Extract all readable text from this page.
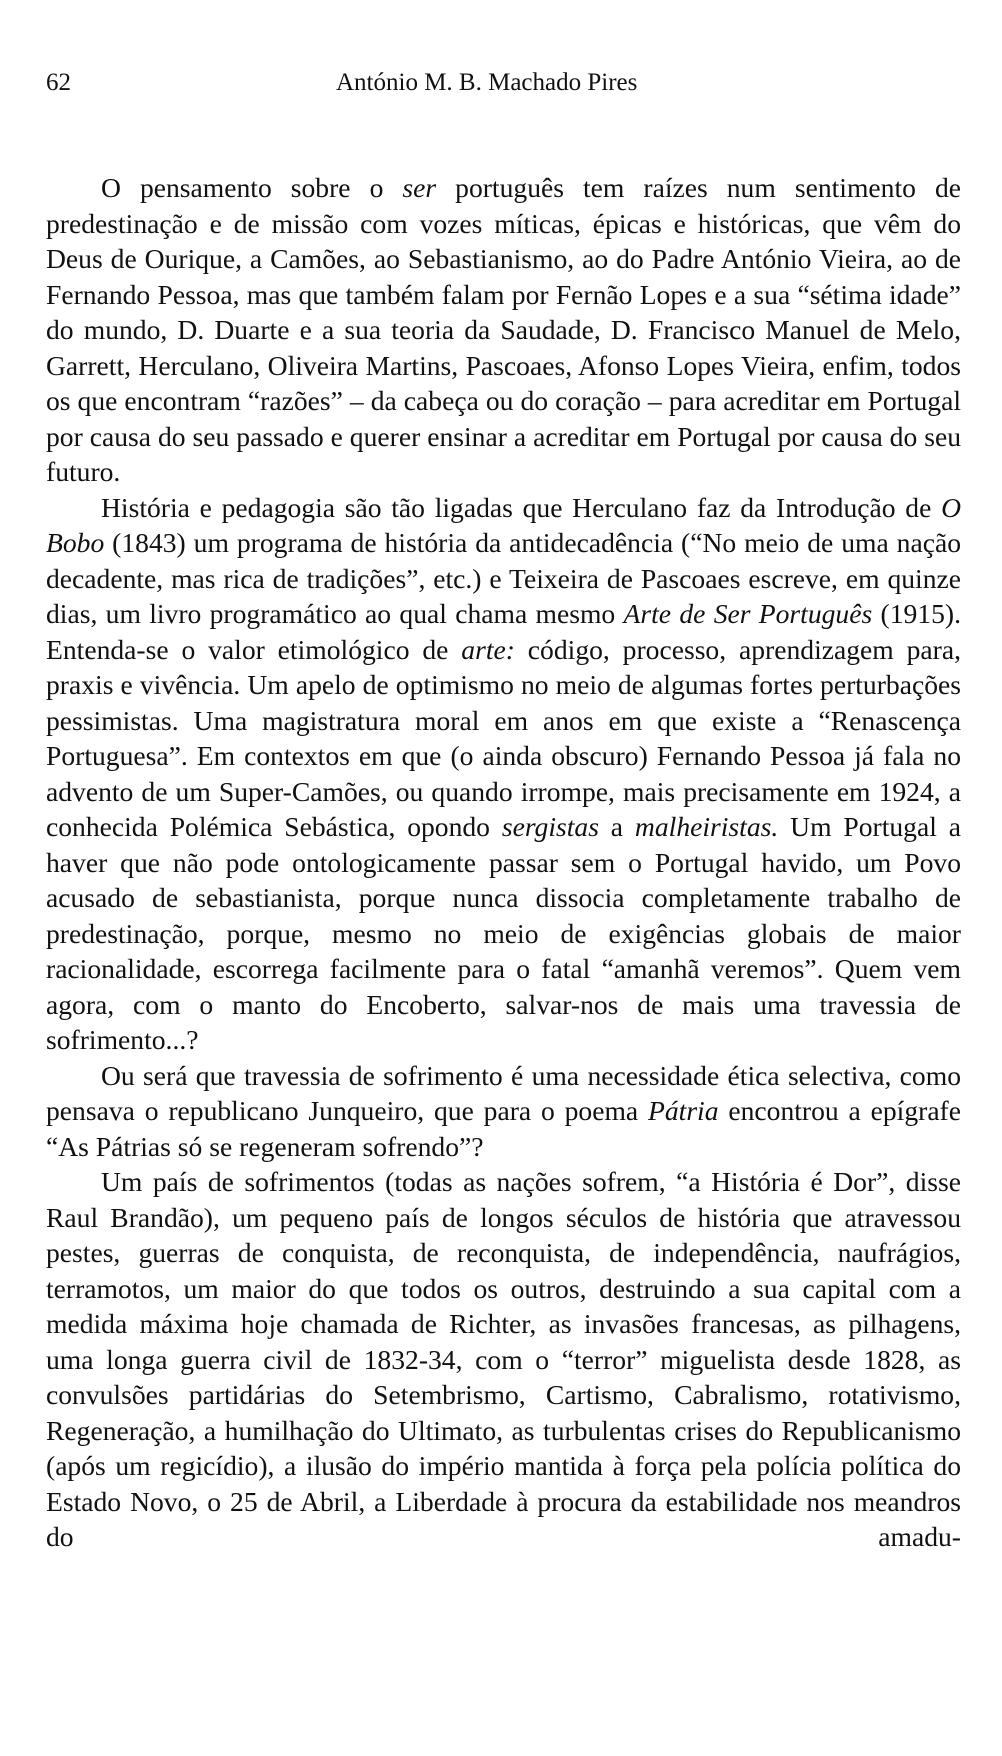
62	António M. B. Machado Pires

O pensamento sobre o ser português tem raízes num sentimento de predestinação e de missão com vozes míticas, épicas e históricas, que vêm do Deus de Ourique, a Camões, ao Sebastianismo, ao do Padre António Vieira, ao de Fernando Pessoa, mas que também falam por Fernão Lopes e a sua “sétima idade” do mundo, D. Duarte e a sua teoria da Saudade, D. Francisco Manuel de Melo, Garrett, Herculano, Oliveira Martins, Pascoaes, Afonso Lopes Vieira, enfim, todos os que encontram “razões” – da cabeça ou do coração – para acreditar em Portugal por causa do seu passado e querer ensinar a acreditar em Portugal por causa do seu futuro.

História e pedagogia são tão ligadas que Herculano faz da Introdução de O Bobo (1843) um programa de história da antidecadência (“No meio de uma nação decadente, mas rica de tradições”, etc.) e Teixeira de Pascoaes escreve, em quinze dias, um livro programático ao qual chama mesmo Arte de Ser Português (1915). Entenda-se o valor etimológico de arte: código, processo, aprendizagem para, praxis e vivência. Um apelo de optimismo no meio de algumas fortes perturbações pessimistas. Uma magistratura moral em anos em que existe a “Renascença Portuguesa”. Em contextos em que (o ainda obscuro) Fernando Pessoa já fala no advento de um Super-Camões, ou quando irrompe, mais precisamente em 1924, a conhecida Polémica Sebástica, opondo sergistas a malheiristas. Um Portugal a haver que não pode ontologicamente passar sem o Portugal havido, um Povo acusado de sebastianista, porque nunca dissocia completamente trabalho de predestinação, porque, mesmo no meio de exigências globais de maior racionalidade, escorrega facilmente para o fatal “amanhã veremos”. Quem vem agora, com o manto do Encoberto, salvar-nos de mais uma travessia de sofrimento...?

Ou será que travessia de sofrimento é uma necessidade ética selectiva, como pensava o republicano Junqueiro, que para o poema Pátria encontrou a epígrafe “As Pátrias só se regeneram sofrendo”?

Um país de sofrimentos (todas as nações sofrem, “a História é Dor”, disse Raul Brandão), um pequeno país de longos séculos de história que atravessou pestes, guerras de conquista, de reconquista, de independência, naufrágios, terramotos, um maior do que todos os outros, destruindo a sua capital com a medida máxima hoje chamada de Richter, as invasões francesas, as pilhagens, uma longa guerra civil de 1832-34, com o “terror” miguelista desde 1828, as convulsões partidárias do Setembrismo, Cartismo, Cabralismo, rotativismo, Regeneração, a humilhação do Ultimato, as turbulentas crises do Republicanismo (após um regicídio), a ilusão do império mantida à força pela polícia política do Estado Novo, o 25 de Abril, a Liberdade à procura da estabilidade nos meandros do amadu-
